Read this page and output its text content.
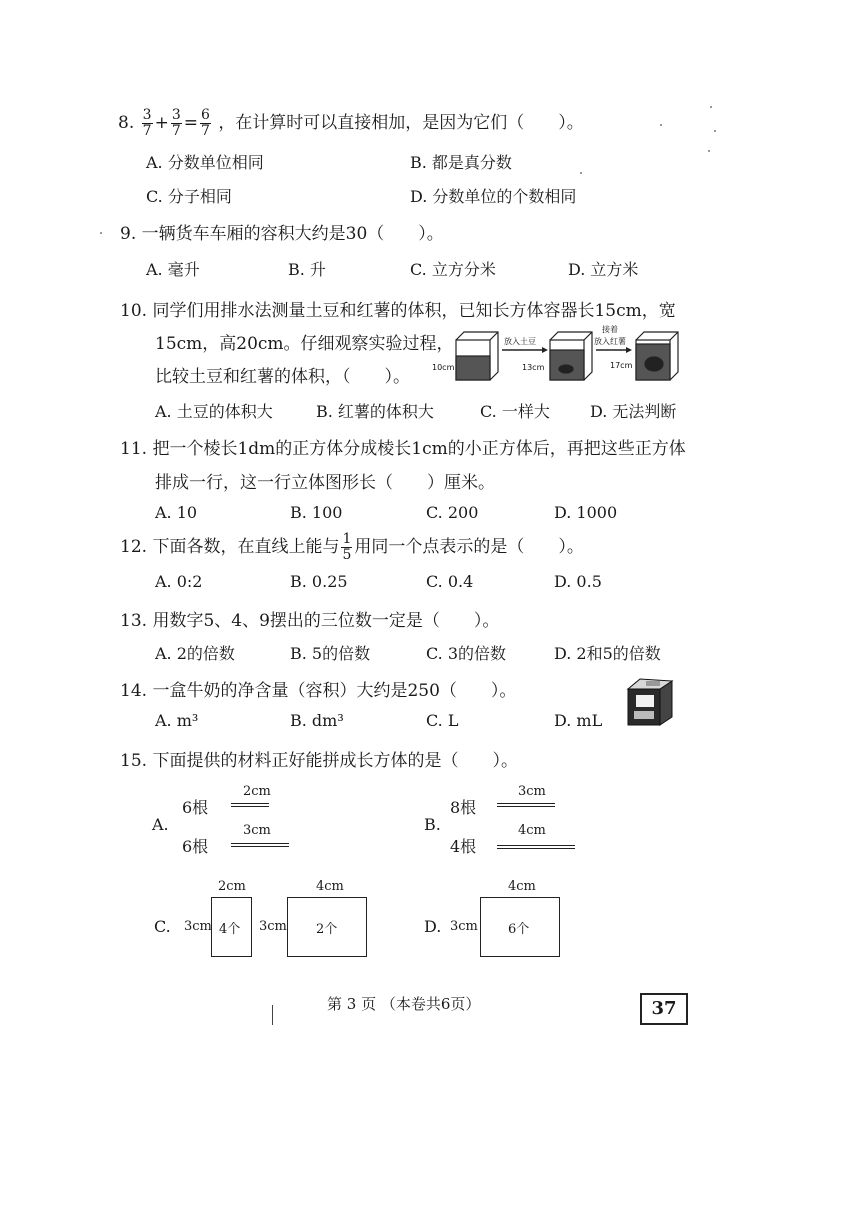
8. $\frac{3}{7} + \frac{3}{7} = \frac{6}{7}$ ，在计算时可以直接相加，是因为它们（　　）。
A. 分数单位相同	B. 都是真分数
C. 分子相同	D. 分数单位的个数相同
9. 一辆货车车厢的容积大约是30（　　）。
A. 毫升	B. 升	C. 立方分米	D. 立方米
10. 同学们用排水法测量土豆和红薯的体积，已知长方体容器长15cm，宽
15cm，高20cm。仔细观察实验过程，
比较土豆和红薯的体积，（　　）。	10cm
放入土豆
13cm
接着
放入红薯
17cm
A. 土豆的体积大	B. 红薯的体积大	C. 一样大	D. 无法判断
11. 把一个棱长1dm的正方体分成棱长1cm的小正方体后，再把这些正方体
排成一行，这一行立体图形长（　　）厘米。
A. 10	B. 100	C. 200	D. 1000
12. 下面各数，在直线上能与 $\frac{1}{5}$ 用同一个点表示的是（　　）。
A. 0:2	B. 0.25	C. 0.4	D. 0.5
13. 用数字5、4、9摆出的三位数一定是（　　）。
A. 2的倍数	B. 5的倍数	C. 3的倍数	D. 2和5的倍数
14. 一盒牛奶的净含量（容积）大约是250（　　）。
A. m³	B. dm³	C. L	D. mL
15. 下面提供的材料正好能拼成长方体的是（　　）。
A.
6根
2cm
6根
3cm	B.
8根
3cm
4根
4cm
C. 3cm
2cm
4个 3cm
4cm
2个	D. 3cm
4cm
6个
第 3 页 （本卷共6页）	37
